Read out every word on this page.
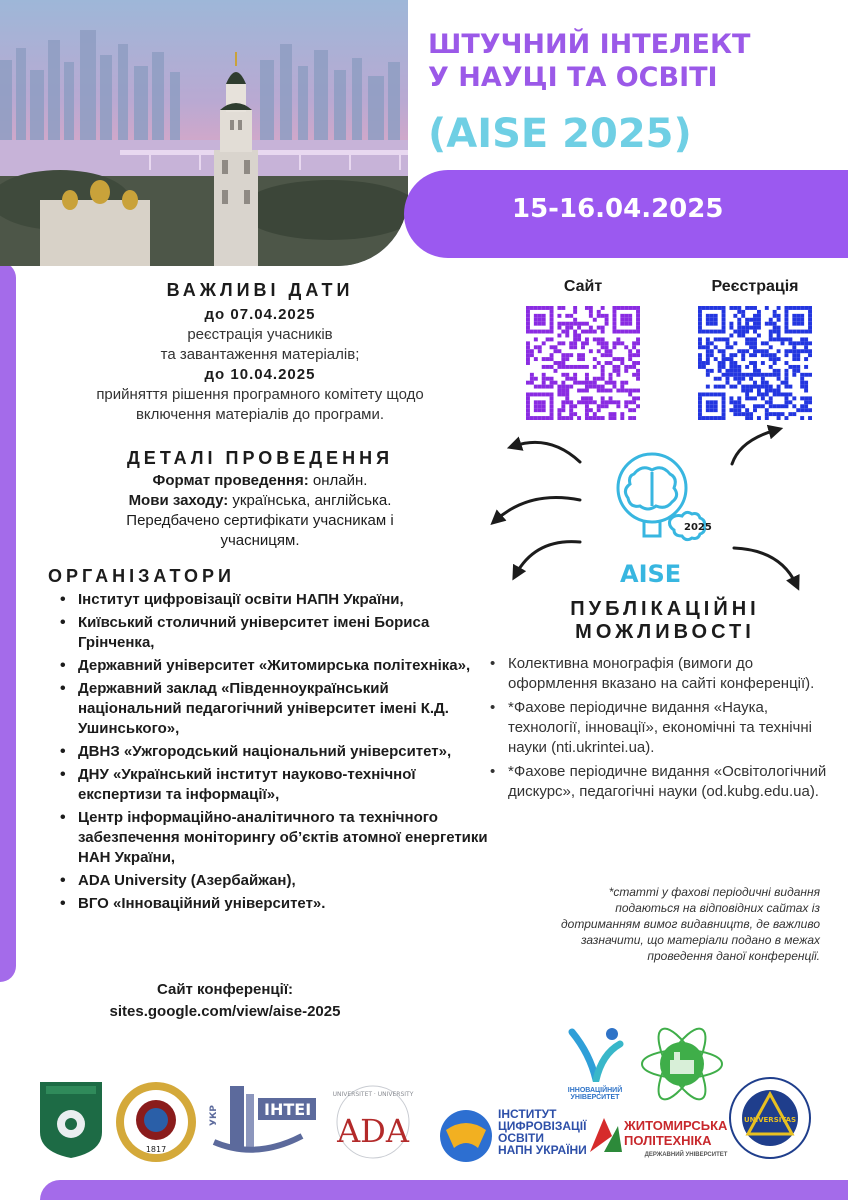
ШТУЧНИЙ ІНТЕЛЕКТ
У НАУЦІ ТА ОСВІТІ
(AISE 2025)
15-16.04.2025
ВАЖЛИВІ ДАТИ
до 07.04.2025
реєстрація учасників
та завантаження матеріалів;
до 10.04.2025
прийняття рішення програмного комітету щодо
включення матеріалів до програми.
ДЕТАЛІ ПРОВЕДЕННЯ
Формат проведення: онлайн.
Мови заходу: українська, англійська.
Передбачено сертифікати учасникам і
учасницям.
ОРГАНІЗАТОРИ
• Інститут цифровізації освіти НАПН України,
• Київський столичний університет імені Бориса Грінченка,
• Державний університет «Житомирська політехніка»,
• Державний заклад «Південноукраїнський національний педагогічний університет імені К.Д. Ушинського»,
• ДВНЗ «Ужгородський національний університет»,
• ДНУ «Український інститут науково-технічної експертизи та інформації»,
• Центр інформаційно-аналітичного та технічного забезпечення моніторингу об’єктів атомної енергетики НАН України,
• ADA University (Азербайжан),
• ВГО «Інноваційний університет».
Сайт конференції:
sites.google.com/view/aise-2025
Сайт	Реєстрація
2025
AISE
ПУБЛІКАЦІЙНІ
МОЖЛИВОСТІ
• Колективна монографія (вимоги до оформлення вказано на сайті конференції).
• *Фахове періодичне видання «Наука, технології, інновації», економічні та технічні науки (nti.ukrintei.ua).
• *Фахове періодичне видання «Освітологічний дискурс», педагогічні науки (od.kubg.edu.ua).
*статті у фахові періодичні видання подаються на відповідних сайтах із дотриманням вимог видавництв, де важливо зазначити, що матеріали подано в межах проведення даної конференції.
ІННОВАЦІЙНИЙ УНІВЕРСИТЕТ
UNIVERSITAS
1817
УКР	ІНТЕІ
ADA
UNIVERSITET · UNIVERSITY
ІНСТИТУТ
ЦИФРОВІЗАЦІЇ
ОСВІТИ
НАПН УКРАЇНИ
ЖИТОМИРСЬКА
ПОЛІТЕХНІКА
ДЕРЖАВНИЙ УНІВЕРСИТЕТ
